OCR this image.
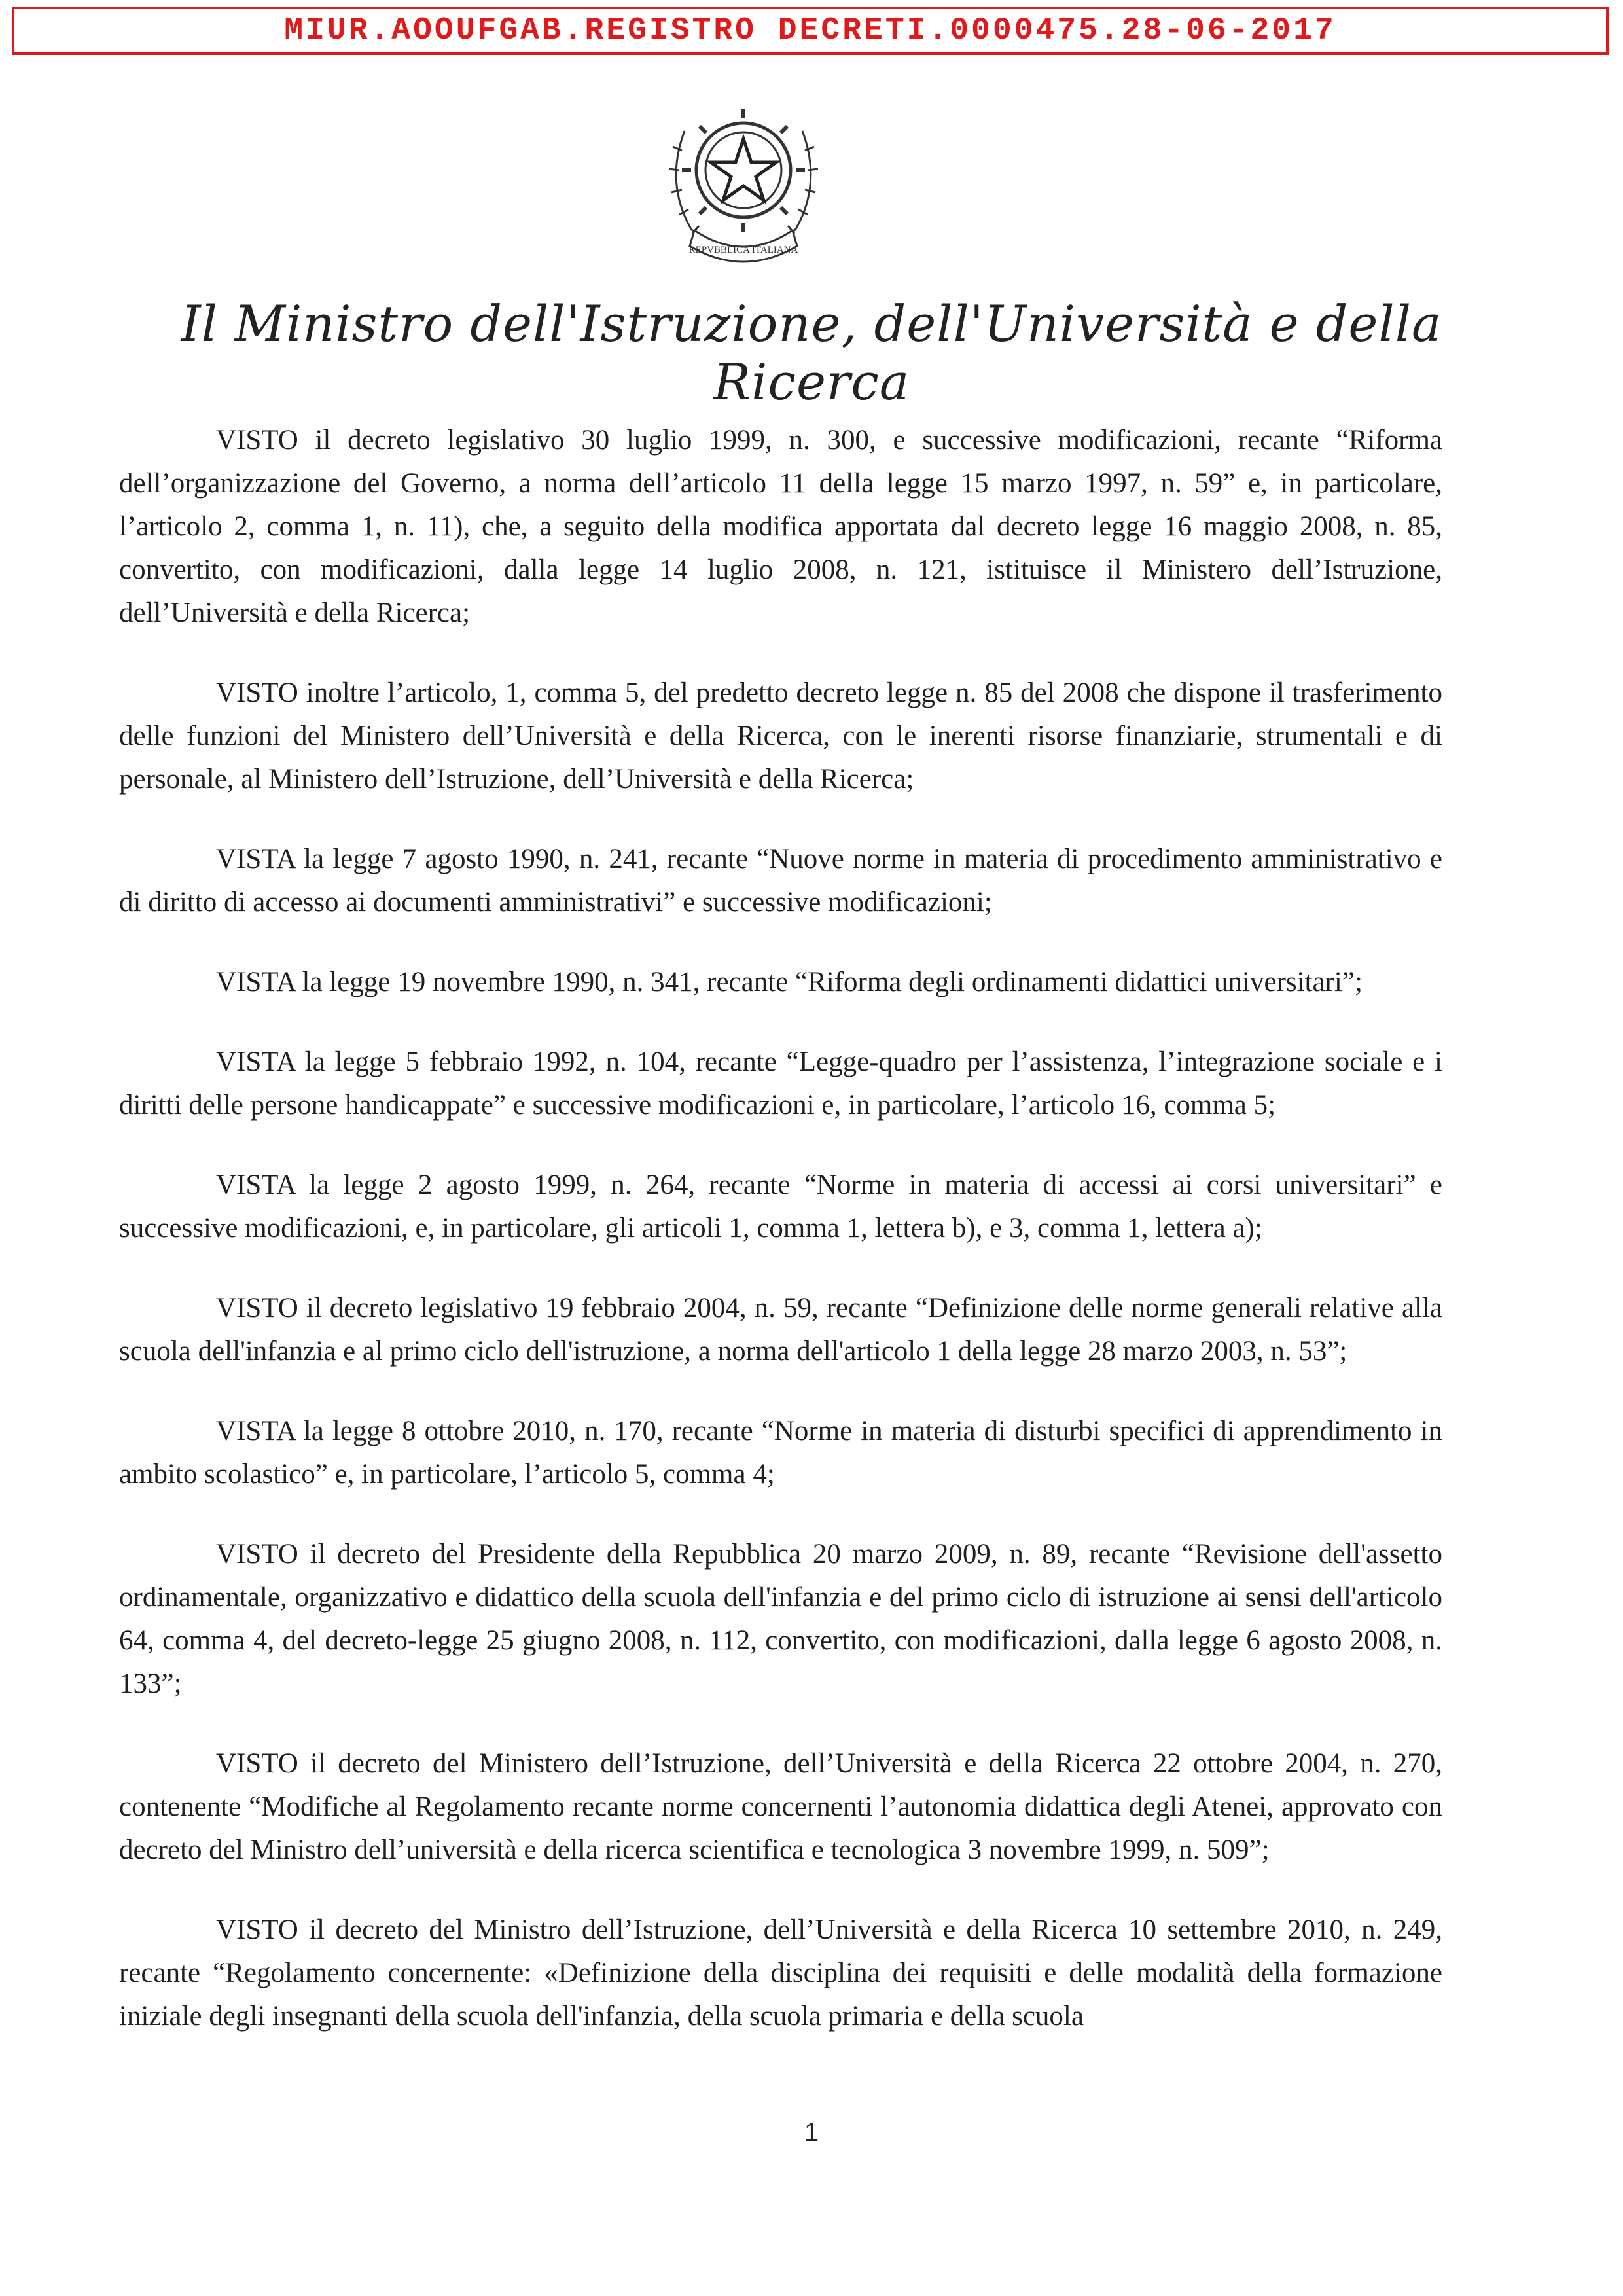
MIUR.AOOUFGAB.REGISTRO DECRETI.0000475.28-06-2017
REPVBBLICA ITALIANA
Il Ministro dell'Istruzione, dell'Università e della Ricerca

VISTO il decreto legislativo 30 luglio 1999, n. 300, e successive modificazioni, recante “Riforma dell’organizzazione del Governo, a norma dell’articolo 11 della legge 15 marzo 1997, n. 59” e, in particolare, l’articolo 2, comma 1, n. 11), che, a seguito della modifica apportata dal decreto legge 16 maggio 2008, n. 85, convertito, con modificazioni, dalla legge 14 luglio 2008, n. 121, istituisce il Ministero dell’Istruzione, dell’Università e della Ricerca;

VISTO inoltre l’articolo, 1, comma 5, del predetto decreto legge n. 85 del 2008 che dispone il trasferimento delle funzioni del Ministero dell’Università e della Ricerca, con le inerenti risorse finanziarie, strumentali e di personale, al Ministero dell’Istruzione, dell’Università e della Ricerca;

VISTA la legge 7 agosto 1990, n. 241, recante “Nuove norme in materia di procedimento amministrativo e di diritto di accesso ai documenti amministrativi” e successive modificazioni;

VISTA la legge 19 novembre 1990, n. 341, recante “Riforma degli ordinamenti didattici universitari”;

VISTA la legge 5 febbraio 1992, n. 104, recante “Legge-quadro per l’assistenza, l’integrazione sociale e i diritti delle persone handicappate” e successive modificazioni e, in particolare, l’articolo 16, comma 5;

VISTA la legge 2 agosto 1999, n. 264, recante “Norme in materia di accessi ai corsi universitari” e successive modificazioni, e, in particolare, gli articoli 1, comma 1, lettera b), e 3, comma 1, lettera a);

VISTO il decreto legislativo 19 febbraio 2004, n. 59, recante “Definizione delle norme generali relative alla scuola dell'infanzia e al primo ciclo dell'istruzione, a norma dell'articolo 1 della legge 28 marzo 2003, n. 53”;

VISTA la legge 8 ottobre 2010, n. 170, recante “Norme in materia di disturbi specifici di apprendimento in ambito scolastico” e, in particolare, l’articolo 5, comma 4;

VISTO il decreto del Presidente della Repubblica 20 marzo 2009, n. 89, recante “Revisione dell'assetto ordinamentale, organizzativo e didattico della scuola dell'infanzia e del primo ciclo di istruzione ai sensi dell'articolo 64, comma 4, del decreto-legge 25 giugno 2008, n. 112, convertito, con modificazioni, dalla legge 6 agosto 2008, n. 133”;

VISTO il decreto del Ministero dell’Istruzione, dell’Università e della Ricerca 22 ottobre 2004, n. 270, contenente “Modifiche al Regolamento recante norme concernenti l’autonomia didattica degli Atenei, approvato con decreto del Ministro dell’università e della ricerca scientifica e tecnologica 3 novembre 1999, n. 509”;

VISTO il decreto del Ministro dell’Istruzione, dell’Università e della Ricerca 10 settembre 2010, n. 249, recante “Regolamento concernente: «Definizione della disciplina dei requisiti e delle modalità della formazione iniziale degli insegnanti della scuola dell'infanzia, della scuola primaria e della scuola

1
